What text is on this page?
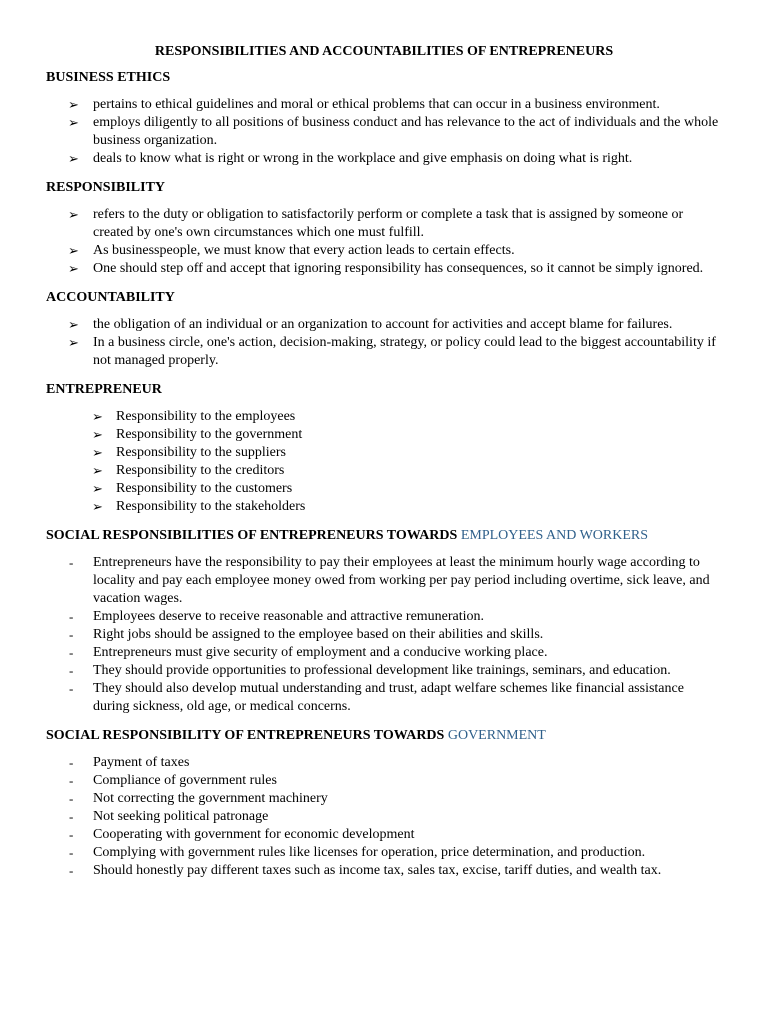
RESPONSIBILITIES AND ACCOUNTABILITIES OF ENTREPRENEURS
BUSINESS ETHICS
➢ pertains to ethical guidelines and moral or ethical problems that can occur in a business environment.
➢ employs diligently to all positions of business conduct and has relevance to the act of individuals and the whole business organization.
➢ deals to know what is right or wrong in the workplace and give emphasis on doing what is right.
RESPONSIBILITY
➢ refers to the duty or obligation to satisfactorily perform or complete a task that is assigned by someone or created by one's own circumstances which one must fulfill.
➢ As businesspeople, we must know that every action leads to certain effects.
➢ One should step off and accept that ignoring responsibility has consequences, so it cannot be simply ignored.
ACCOUNTABILITY
➢ the obligation of an individual or an organization to account for activities and accept blame for failures.
➢ In a business circle, one's action, decision-making, strategy, or policy could lead to the biggest accountability if not managed properly.
ENTREPRENEUR
➢ Responsibility to the employees
➢ Responsibility to the government
➢ Responsibility to the suppliers
➢ Responsibility to the creditors
➢ Responsibility to the customers
➢ Responsibility to the stakeholders
SOCIAL RESPONSIBILITIES OF ENTREPRENEURS TOWARDS EMPLOYEES AND WORKERS
- Entrepreneurs have the responsibility to pay their employees at least the minimum hourly wage according to locality and pay each employee money owed from working per pay period including overtime, sick leave, and vacation wages.
- Employees deserve to receive reasonable and attractive remuneration.
- Right jobs should be assigned to the employee based on their abilities and skills.
- Entrepreneurs must give security of employment and a conducive working place.
- They should provide opportunities to professional development like trainings, seminars, and education.
- They should also develop mutual understanding and trust, adapt welfare schemes like financial assistance during sickness, old age, or medical concerns.
SOCIAL RESPONSIBILITY OF ENTREPRENEURS TOWARDS GOVERNMENT
- Payment of taxes
- Compliance of government rules
- Not correcting the government machinery
- Not seeking political patronage
- Cooperating with government for economic development
- Complying with government rules like licenses for operation, price determination, and production.
- Should honestly pay different taxes such as income tax, sales tax, excise, tariff duties, and wealth tax.
